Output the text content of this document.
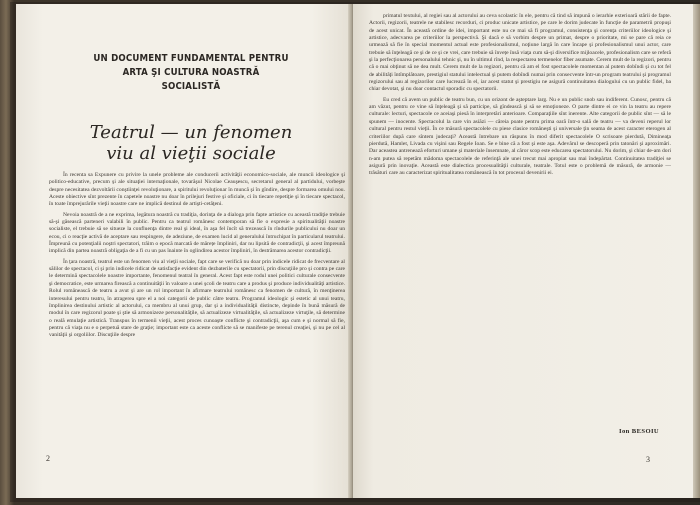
UN DOCUMENT FUNDAMENTAL PENTRU ARTA ŞI CULTURA NOASTRĂ SOCIALISTĂ
Teatrul — un fenomen viu al vieţii sociale

În recenta sa Expunere cu privire la unele probleme ale conducerii activităţii economico-sociale, ale muncii ideologice şi politico-educative, precum şi ale situaţiei internaţionale, tovarăşul Nicolae Ceauşescu, secretarul general al partidului, vorbeşte despre necesitatea dezvoltării conştiinţei revoluţionare, a spiritului revoluţionar în muncă şi în gîndire, despre formarea omului nou. Aceste obiective sînt prezente în capetele noastre nu doar în prilejuri festive şi oficiale, ci în tiecare repetiţie şi în tiecare spectacol, în toate împrejurările vieţii noastre care ne implică destinul de artişti-cetăţeni.

Nevoia noastră de a ne exprima, legătura noastră cu tradiţia, dorinţa de a dialoga prin fapte artistice cu această tradiţie trebuie să-şi găsească parteneri valabili în public. Pentru ca teatrul românesc contemporan să fie o expresie a spiritualităţii noastre socialiste, el trebuie să se situeze la confluenţa dintre real şi ideal, în aşa fel încît să trezească în rîndurile publicului nu doar un ecou, ci o reacţie activă de aceptare sau respingere, de adeziune, de examen lucid al generalului întruchipat în particularul teatrului. Împreună cu potenţialii noştri spectatori, trăim o epocă marcată de mărețe împliniri, dar nu lipsită de contradicţii, şi acest împreună implică din partea noastră obligaţia de a fi cu un pas înainte în oglindirea acestor împliniri, în destrămarea acestor contradicţii.

În ţara noastră, teatrul este un fenomen viu al vieţii sociale, fapt care se verifică nu doar prin indicele ridicat de frecventare al sălilor de spectacol, ci şi prin indicele ridicat de satisfacţie evident din dezbaterile cu spectatorii, prin discuţiile pro şi contra pe care le determină spectacolele noastre importante, fenomenul teatral în general. Acest fapt este rodul unei politici culturale consecvente şi democratice, este urmarea firească a continuităţii în valoare a unei şcoli de teatru care a produs şi produce individualităţi artistice. Rolul românească de teatru a avut şi are un rol important în afirmare teatrului românesc ca fenomen de cultură, în menţinerea interesului pentru teatru, în atragerea spre el a noi categorii de public către teatru. Programul ideologic şi estetic al unui teatru, împlinirea destinului artistic al actorului, ca membru al unui grup, dar şi a individualităţii distincte, depinde în bună măsură de modul în care regizorul poate şi ştie să armonizeze personalităţile, să actualizeze virtualităţile, să actualizeze virtuţile, să determine o reală emulaţie artistică. Transpus în termenii vieţii, acest proces cunoaşte conflicte şi contradicţii, aşa cum e şi normal să fie, pentru că viaţa nu e o perpetuă stare de graţie; important este ca aceste conflicte să se manifeste pe terenul creaţiei, şi nu pe cel al vanităţii şi orgoliilor. Discuţiile despre

2

primatul textului, al regiei sau al actorului au ceva scolastic în ele, pentru că tind să impună o ierarhie exterioară stării de fapte. Actorii, regizorii, teatrele ne stabilesc recorduri, ci produc unicate artistice, pe care le dorim judecate în funcţie de parametrii propuşi de acest unicat. În această ordine de idei, important este nu ce mai să fi programul, consistenţa şi corenţa criteriilor ideologice şi artistice, adecvarea pe criteriilor la perspectivă. Şi dacă e să vorbim despre un primat, despre o prioritate, mi se pare că reia ce urmează să fie în special momentul actual este profesionalismul, noţiune largă în care încape şi profesionalismul unui actor, care trebuie să înţeleagă ce şi de ce şi ce vrei, care trebuie să învețe însă viaţa cum să-şi diversifice mijloacele, profesionalism care se referă şi la perfecţionarea personalului tehnic şi, nu în ultimul rînd, la respectarea termenelor fiber asumate. Cerem mult de la regizori, pentru că o mai obţinut să ne dea mult. Cerem mult de la regizori, pentru că am el fost spectacolele momentan al putem dobîndi şi cu tot fel de abilităţi întîmplătoare, prestigiul statului intelectual şi putem dobîndi numai prin consecvente într-un program teatrului şi programul regizorului sau al regizorilor care lucrează în el, iar acest statut şi prestigiu ne asigură continuitatea dialogului cu un public fidel, ba chiar devotat, şi nu doar contactul sporadic cu spectatorii.

Eu cred că avem un public de teatru bun, cu un orizont de aşteptare larg. Nu e un public snob sau indiferent. Cunosc, pentru că am văzut, pentru ce vine să înţeleagă şi să participe, să gîndească şi să se emoţioneze. O parte dintre ei ce vin la teatru au repere culturale: lecturi, spectacole ce aceiaşi piesă în interpretări anterioare. Comparaţiile sînt inerente. Alte categorii de public sînt — să le spunem — inocente. Spectacolul la care vin asiăzi — căreia poate pentru prima oară într-o sală de teatru — va deveni reperul lor cultural pentru restul vieţii. În ce măsură spectacolele cu piese clasice româneşti şi universale ţin seama de acest caracter eterogen al criteriilor după care sîntem judecaţi? Această întrebare un răspuns în mod diferit spectacolele O scrisoare pierdută, Dimineaţa pierdută, Hamlet, Livada cu vişini sau Regele Ioan. Se e bine cã a fost şi este aşa. Adevărul se descoperă prin tatonări şi aproximări. Dar aceastea antrenează eforturi umane şi materiale însemnate, al căror scop este educarea spectatorului. Nu dorim, şi chiar de-am dori n-am putea să repetăm mãdoma spectacolele de referinţă ale unei trecut mai apropiat sau mai îndepărtat. Continuitatea tradiţiei se asigură prin inovaţie. Această este dialectica procesualităţii culturale, teatrale. Totul este o problemă de măsură, de armonie — trăsături care au caracterizat spiritualitatea românească în tot procesul devenirii ei.

Ion BESOIU
3
